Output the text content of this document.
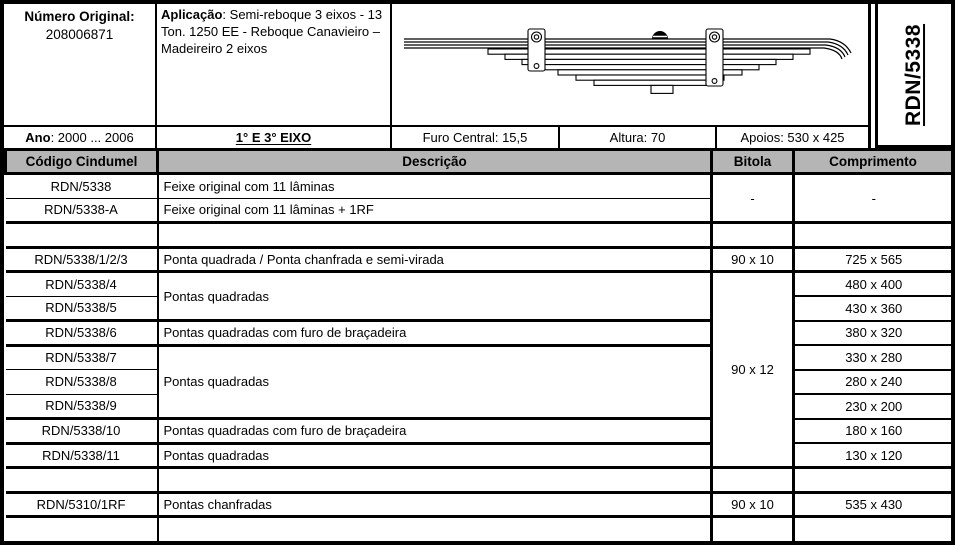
Número Original:
208006871
Aplicação: Semi-reboque 3 eixos - 13 Ton. 1250 EE - Reboque Canavieiro – Madeireiro 2 eixos	RDN/5338
Ano: 2000 ... 2006	1° E 3° EIXO	Furo Central: 15,5	Altura: 70	Apoios: 530 x 425
Código Cindumel	Descrição	Bitola	Comprimento
RDN/5338	Feixe original com 11 lâminas	-	-
RDN/5338-A	Feixe original com 11 lâminas + 1RF		

RDN/5338/1/2/3	Ponta quadrada / Ponta chanfrada e semi-virada	90 x 10	725 x 565
RDN/5338/4	Pontas quadradas	90 x 12	480 x 400
RDN/5338/5			430 x 360
RDN/5338/6	Pontas quadradas com furo de braçadeira		380 x 320
RDN/5338/7	Pontas quadradas		330 x 280
RDN/5338/8			280 x 240
RDN/5338/9			230 x 200
RDN/5338/10	Pontas quadradas com furo de braçadeira		180 x 160
RDN/5338/11	Pontas quadradas		130 x 120

RDN/5310/1RF	Pontas chanfradas	90 x 10	535 x 430
